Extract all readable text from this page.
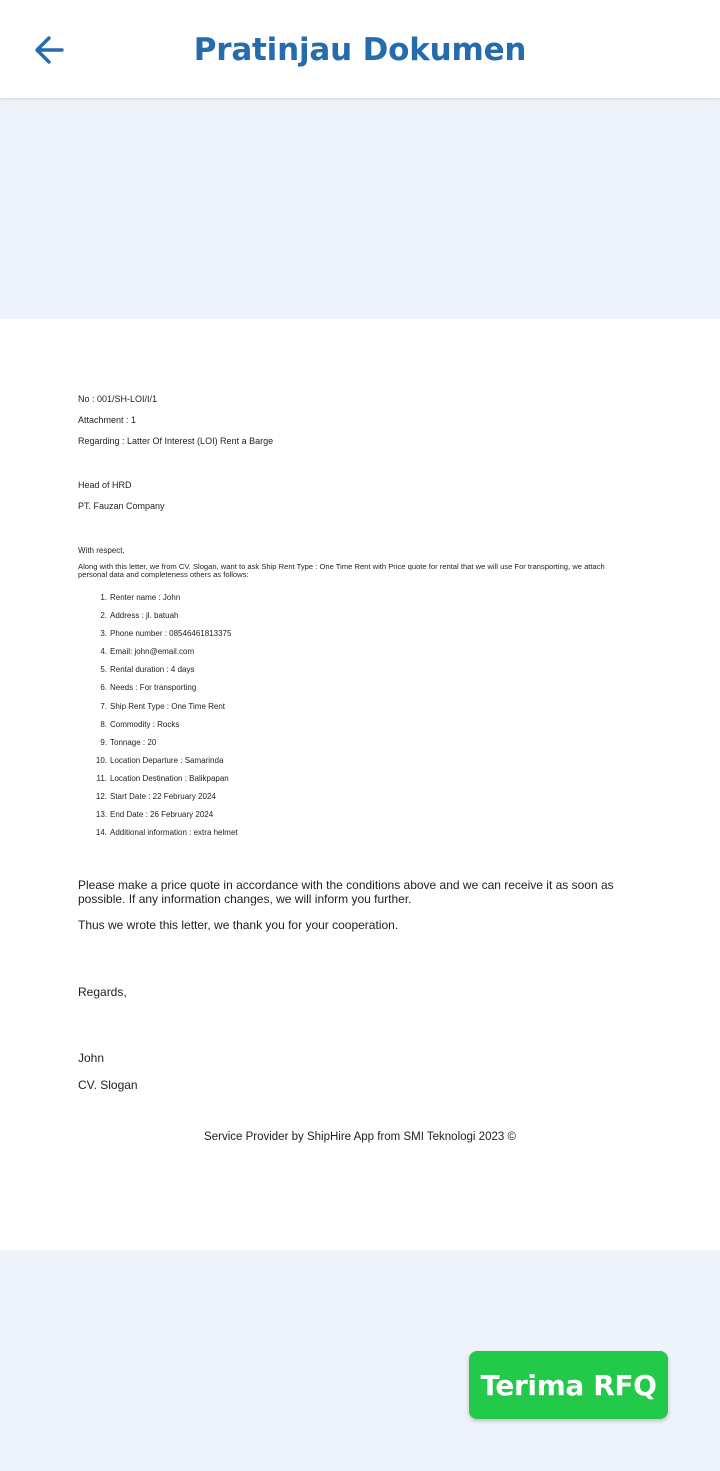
Pratinjau Dokumen
No : 001/SH-LOI/I/1
Attachment : 1
Regarding : Latter Of Interest (LOI) Rent a Barge
Head of HRD
PT. Fauzan Company
With respect,
Along with this letter, we from CV. Slogan, want to ask Ship Rent Type : One Time Rent with Price quote for rental that we will use For transporting, we attach personal data and completeness others as follows:
1. Renter name : John
2. Address : jl. batuah
3. Phone number : 08546461813375
4. Email: john@email.com
5. Rental duration : 4 days
6. Needs : For transporting
7. Ship Rent Type : One Time Rent
8. Commodity : Rocks
9. Tonnage : 20
10. Location Departure : Samarinda
11. Location Destination : Balikpapan
12. Start Date : 22 February 2024
13. End Date : 26 February 2024
14. Additional information : extra helmet
Please make a price quote in accordance with the conditions above and we can receive it as soon as possible. If any information changes, we will inform you further.
Thus we wrote this letter, we thank you for your cooperation.
Regards,
John
CV. Slogan
Service Provider by ShipHire App from SMI Teknologi 2023 ©
Terima RFQ
